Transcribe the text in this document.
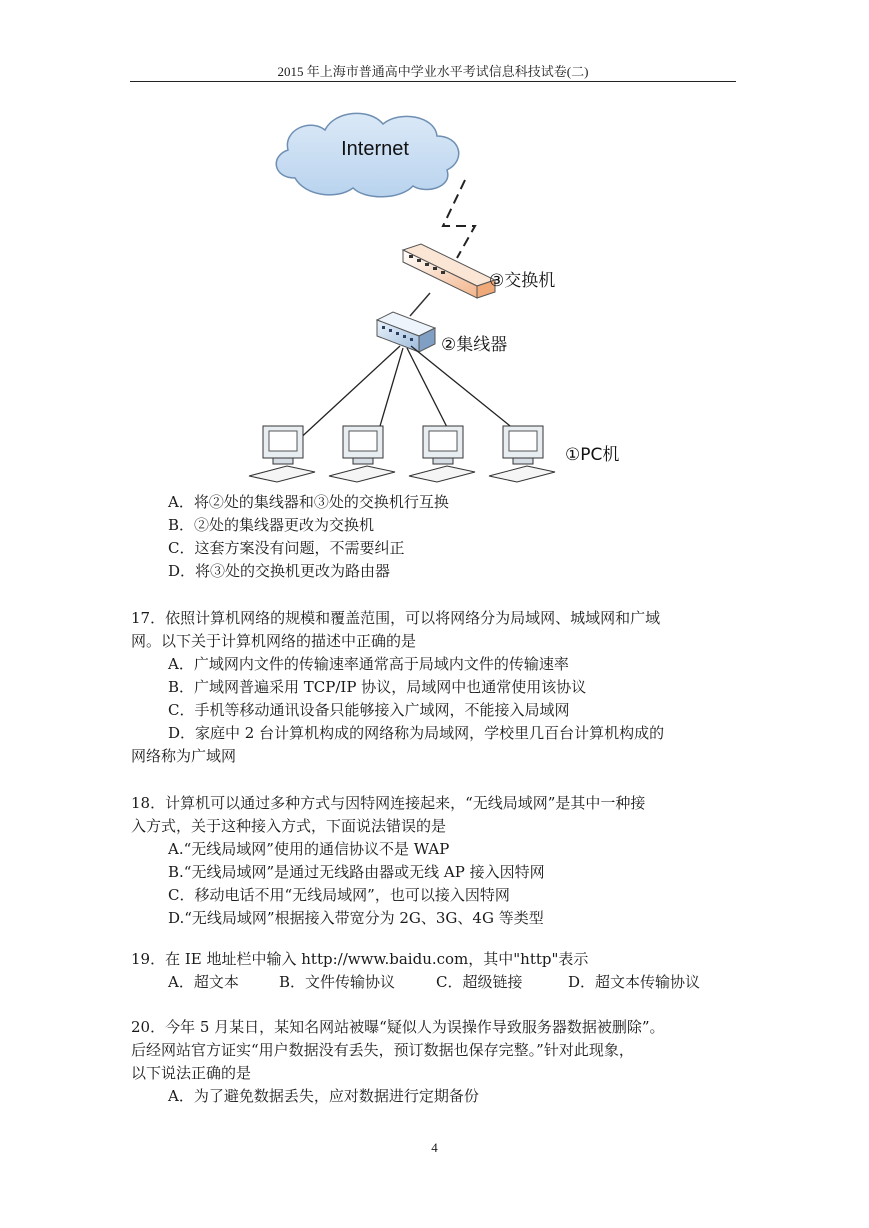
2015 年上海市普通高中学业水平考试信息科技试卷(二)
Internet
③交换机
②集线器
①PC机
A．将②处的集线器和③处的交换机行互换
B．②处的集线器更改为交换机
C．这套方案没有问题，不需要纠正
D．将③处的交换机更改为路由器
17．依照计算机网络的规模和覆盖范围，可以将网络分为局域网、城域网和广域
网。以下关于计算机网络的描述中正确的是
A．广域网内文件的传输速率通常高于局域内文件的传输速率
B．广域网普遍采用 TCP/IP 协议，局域网中也通常使用该协议
C．手机等移动通讯设备只能够接入广域网，不能接入局域网
D．家庭中 2 台计算机构成的网络称为局域网，学校里几百台计算机构成的
网络称为广域网
18．计算机可以通过多种方式与因特网连接起来，“无线局域网”是其中一种接
入方式，关于这种接入方式，下面说法错误的是
A.“无线局域网”使用的通信协议不是 WAP
B.“无线局域网”是通过无线路由器或无线 AP 接入因特网
C．移动电话不用“无线局域网”，也可以接入因特网
D.“无线局域网”根据接入带宽分为 2G、3G、4G 等类型
19．在 IE 地址栏中输入 http://www.baidu.com，其中"http"表示
A．超文本	B．文件传输协议	C．超级链接	D．超文本传输协议
20．今年 5 月某日，某知名网站被曝“疑似人为误操作导致服务器数据被删除”。
后经网站官方证实“用户数据没有丢失，预订数据也保存完整。”针对此现象，
以下说法正确的是
A．为了避免数据丢失，应对数据进行定期备份
4
